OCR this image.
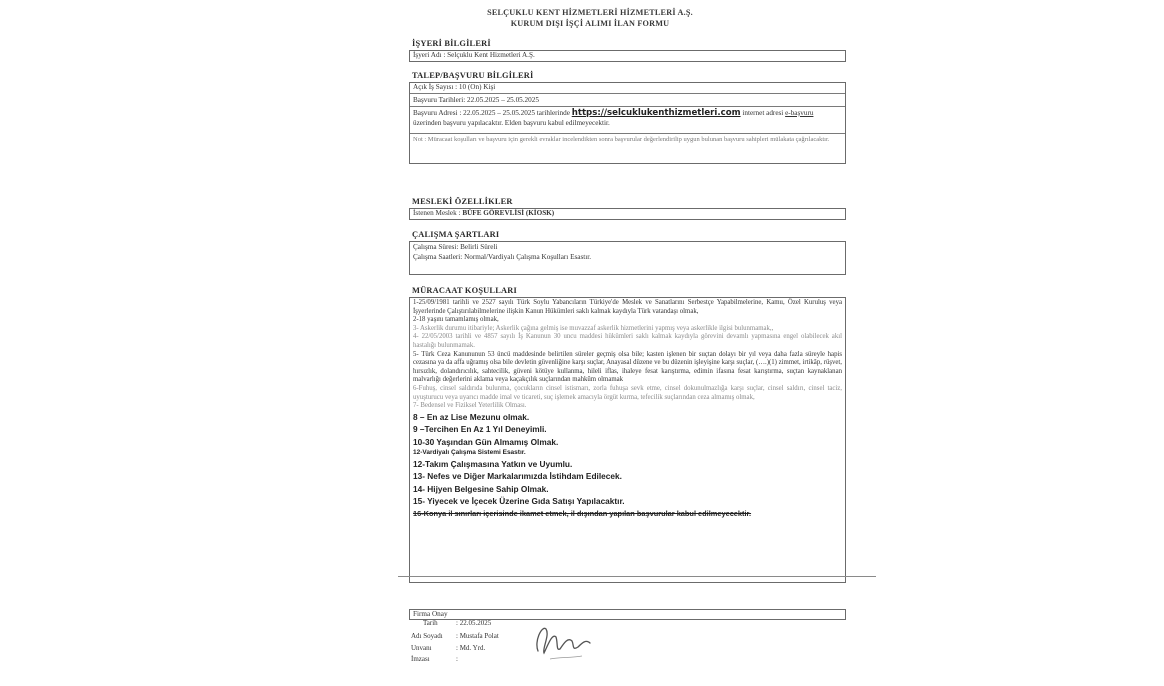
SELÇUKLU KENT HİZMETLERİ HİZMETLERİ A.Ş.
KURUM DIŞI İŞÇİ ALIMI İLAN FORMU
İŞYERİ BİLGİLERİ
İşyeri Adı : Selçuklu Kent Hizmetleri A.Ş.
TALEP/BAŞVURU BİLGİLERİ
Açık İş Sayısı : 10 (On) Kişi
Başvuru Tarihleri: 22.05.2025 – 25.05.2025
Başvuru Adresi : 22.05.2025 – 25.05.2025 tarihlerinde https://selcuklukenthizmetleri.com internet adresi e-başvuru üzerinden başvuru yapılacaktır. Elden başvuru kabul edilmeyecektir.
Not : Müracaat koşulları ve başvuru için gerekli evraklar incelendikten sonra başvurular değerlendirilip uygun bulunan başvuru sahipleri mülakata çağrılacaktır.
MESLEKİ ÖZELLİKLER
İstenen Meslek : BÜFE GÖREVLİSİ (KİOSK)
ÇALIŞMA ŞARTLARI
Çalışma Süresi: Belirli Süreli
Çalışma Saatleri: Normal/Vardiyalı Çalışma Koşulları Esastır.
MÜRACAAT KOŞULLARI
1-25/09/1981 tarihli ve 2527 sayılı Türk Soylu Yabancıların Türkiye'de Meslek ve Sanatlarını Serbestçe Yapabilmelerine, Kamu, Özel Kuruluş veya İşyerlerinde Çalıştırılabilmelerine ilişkin Kanun Hükümleri saklı kalmak kaydıyla Türk vatandaşı olmak,
2-18 yaşını tamamlamış olmak,
3- Askerlik durumu itibariyle; Askerlik çağına gelmiş ise muvazzaf askerlik hizmetlerini yapmış veya askerlikle ilgisi bulunmamak,,
4- 22/05/2003 tarihli ve 4857 sayılı İş Kanunun 30 uncu maddesi hükümleri saklı kalmak kaydıyla görevini devamlı yapmasına engel olabilecek akıl hastalığı bulunmamak.
5- Türk Ceza Kanununun 53 üncü maddesinde belirtilen süreler geçmiş olsa bile; kasten işlenen bir suçtan dolayı bir yıl veya daha fazla süreyle hapis cezasına ya da affa uğramış olsa bile devletin güvenliğine karşı suçlar, Anayasal düzene ve bu düzenin işleyişine karşı suçlar, (….)(1) zimmet, irtikâp, rüşvet, hırsızlık, dolandırıcılık, sahtecilik, güveni kötüye kullanma, hileli iflas, ihaleye fesat karıştırma, edimin ifasına fesat karıştırma, suçtan kaynaklanan malvarlığı değerlerini aklama veya kaçakçılık suçlarından mahkûm olmamak
6-Fuhuş, cinsel saldırıda bulunma, çocukların cinsel istismarı, zorla fuhuşa sevk etme, cinsel dokunulmazlığa karşı suçlar, cinsel saldırı, cinsel taciz, uyuşturucu veya uyarıcı madde imal ve ticareti, suç işlemek amacıyla örgüt kurma, tefecilik suçlarından ceza almamış olmak,
7- Bedensel ve Fiziksel Yeterlilik Olması.
8 – En az Lise Mezunu olmak.
9 –Tercihen En Az 1 Yıl Deneyimli.
10-30 Yaşından Gün Almamış Olmak.
12-Vardiyalı Çalışma Sistemi Esastır.
12-Takım Çalışmasına Yatkın ve Uyumlu.
13- Nefes ve Diğer Markalarımızda İstihdam Edilecek.
14- Hijyen Belgesine Sahip Olmak.
15- Yiyecek ve İçecek Üzerine Gıda Satışı Yapılacaktır.
16-Konya il sınırları içerisinde ikamet etmek, il dışından yapılan başvurular kabul edilmeyecektir.
Firma Onay
Tarih	: 22.05.2025
Adı Soyadı : Mustafa Polat
Unvanı	: Md. Yrd.
İmzası	:
